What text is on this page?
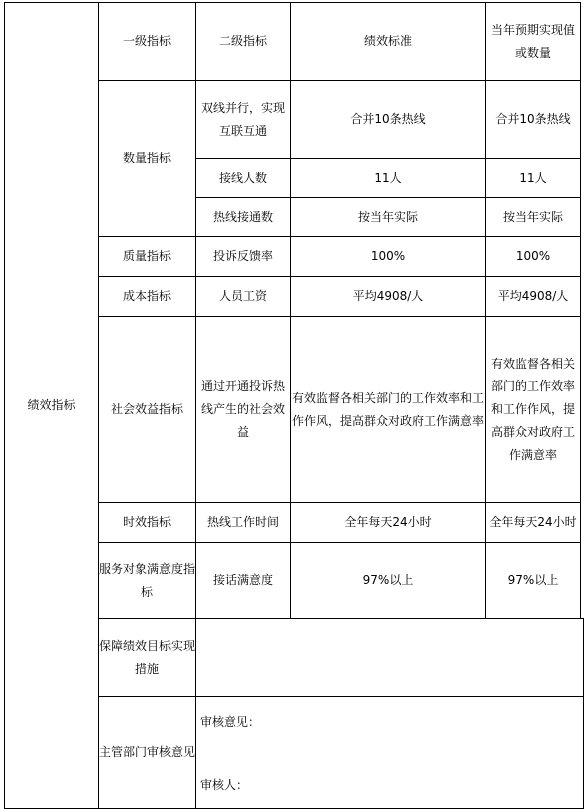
绩效指标	一级指标	二级指标	绩效标准	当年预期实现值或数量
	数量指标	双线并行，实现互联互通	合并10条热线	合并10条热线
		接线人数	11人	11人
		热线接通数	按当年实际	按当年实际
	质量指标	投诉反馈率	100%	100%
	成本指标	人员工资	平均4908/人	平均4908/人
	社会效益指标	通过开通投诉热线产生的社会效益	有效监督各相关部门的工作效率和工作作风，提高群众对政府工作满意率	有效监督各相关部门的工作效率和工作作风，提高群众对政府工作满意率
	时效指标	热线工作时间	全年每天24小时	全年每天24小时
	服务对象满意度指标	接话满意度	97%以上	97%以上
	保障绩效目标实现措施			
	主管部门审核意见	审核意见：
审核人：		
